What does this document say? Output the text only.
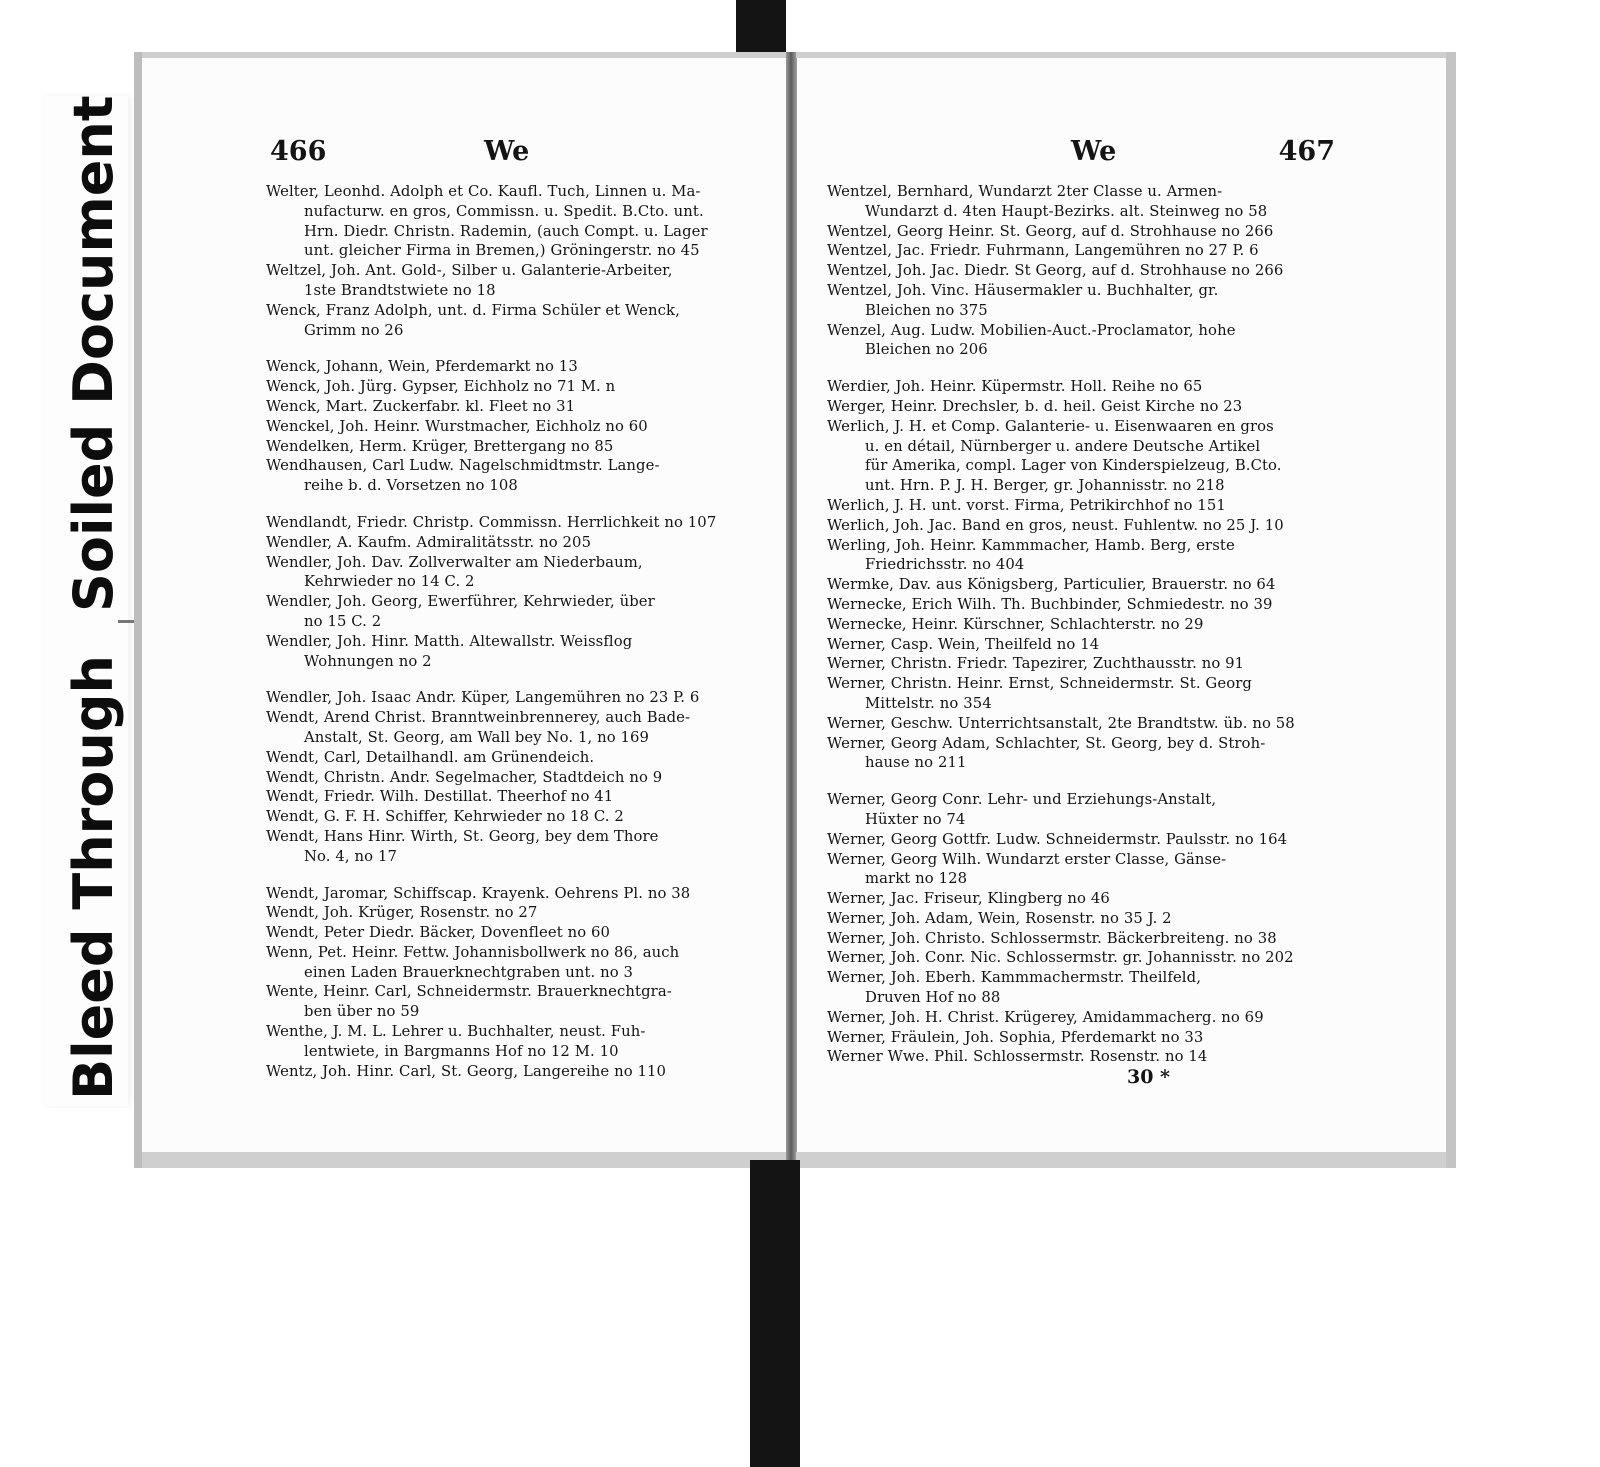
Soiled Document
Bleed Through
466	We
Welter, Leonhd. Adolph et Co. Kaufl. Tuch, Linnen u. Ma-
nufacturw. en gros, Commissn. u. Spedit. B.Cto. unt.
Hrn. Diedr. Christn. Rademin, (auch Compt. u. Lager
unt. gleicher Firma in Bremen,) Gröningerstr. no 45
Weltzel, Joh. Ant. Gold-, Silber u. Galanterie-Arbeiter,
1ste Brandtstwiete no 18
Wenck, Franz Adolph, unt. d. Firma Schüler et Wenck,
Grimm no 26
Wenck, Johann, Wein, Pferdemarkt no 13
Wenck, Joh. Jürg. Gypser, Eichholz no 71 M. n
Wenck, Mart. Zuckerfabr. kl. Fleet no 31
Wenckel, Joh. Heinr. Wurstmacher, Eichholz no 60
Wendelken, Herm. Krüger, Brettergang no 85
Wendhausen, Carl Ludw. Nagelschmidtmstr. Lange-
reihe b. d. Vorsetzen no 108
Wendlandt, Friedr. Christp. Commissn. Herrlichkeit no 107
Wendler, A. Kaufm. Admiralitätsstr. no 205
Wendler, Joh. Dav. Zollverwalter am Niederbaum,
Kehrwieder no 14 C. 2
Wendler, Joh. Georg, Ewerführer, Kehrwieder, über
no 15 C. 2
Wendler, Joh. Hinr. Matth. Altewallstr. Weissflog
Wohnungen no 2
Wendler, Joh. Isaac Andr. Küper, Langemühren no 23 P. 6
Wendt, Arend Christ. Branntweinbrennerey, auch Bade-
Anstalt, St. Georg, am Wall bey No. 1, no 169
Wendt, Carl, Detailhandl. am Grünendeich.
Wendt, Christn. Andr. Segelmacher, Stadtdeich no 9
Wendt, Friedr. Wilh. Destillat. Theerhof no 41
Wendt, G. F. H. Schiffer, Kehrwieder no 18 C. 2
Wendt, Hans Hinr. Wirth, St. Georg, bey dem Thore
No. 4, no 17
Wendt, Jaromar, Schiffscap. Krayenk. Oehrens Pl. no 38
Wendt, Joh. Krüger, Rosenstr. no 27
Wendt, Peter Diedr. Bäcker, Dovenfleet no 60
Wenn, Pet. Heinr. Fettw. Johannisbollwerk no 86, auch
einen Laden Brauerknechtgraben unt. no 3
Wente, Heinr. Carl, Schneidermstr. Brauerknechtgra-
ben über no 59
Wenthe, J. M. L. Lehrer u. Buchhalter, neust. Fuh-
lentwiete, in Bargmanns Hof no 12 M. 10
Wentz, Joh. Hinr. Carl, St. Georg, Langereihe no 110
We	467
Wentzel, Bernhard, Wundarzt 2ter Classe u. Armen-
Wundarzt d. 4ten Haupt-Bezirks. alt. Steinweg no 58
Wentzel, Georg Heinr. St. Georg, auf d. Strohhause no 266
Wentzel, Jac. Friedr. Fuhrmann, Langemühren no 27 P. 6
Wentzel, Joh. Jac. Diedr. St Georg, auf d. Strohhause no 266
Wentzel, Joh. Vinc. Häusermakler u. Buchhalter, gr.
Bleichen no 375
Wenzel, Aug. Ludw. Mobilien-Auct.-Proclamator, hohe
Bleichen no 206
Werdier, Joh. Heinr. Küpermstr. Holl. Reihe no 65
Werger, Heinr. Drechsler, b. d. heil. Geist Kirche no 23
Werlich, J. H. et Comp. Galanterie- u. Eisenwaaren en gros
u. en détail, Nürnberger u. andere Deutsche Artikel
für Amerika, compl. Lager von Kinderspielzeug, B.Cto.
unt. Hrn. P. J. H. Berger, gr. Johannisstr. no 218
Werlich, J. H. unt. vorst. Firma, Petrikirchhof no 151
Werlich, Joh. Jac. Band en gros, neust. Fuhlentw. no 25 J. 10
Werling, Joh. Heinr. Kammmacher, Hamb. Berg, erste
Friedrichsstr. no 404
Wermke, Dav. aus Königsberg, Particulier, Brauerstr. no 64
Wernecke, Erich Wilh. Th. Buchbinder, Schmiedestr. no 39
Wernecke, Heinr. Kürschner, Schlachterstr. no 29
Werner, Casp. Wein, Theilfeld no 14
Werner, Christn. Friedr. Tapezirer, Zuchthausstr. no 91
Werner, Christn. Heinr. Ernst, Schneidermstr. St. Georg
Mittelstr. no 354
Werner, Geschw. Unterrichtsanstalt, 2te Brandtstw. üb. no 58
Werner, Georg Adam, Schlachter, St. Georg, bey d. Stroh-
hause no 211
Werner, Georg Conr. Lehr- und Erziehungs-Anstalt,
Hüxter no 74
Werner, Georg Gottfr. Ludw. Schneidermstr. Paulsstr. no 164
Werner, Georg Wilh. Wundarzt erster Classe, Gänse-
markt no 128
Werner, Jac. Friseur, Klingberg no 46
Werner, Joh. Adam, Wein, Rosenstr. no 35 J. 2
Werner, Joh. Christo. Schlossermstr. Bäckerbreiteng. no 38
Werner, Joh. Conr. Nic. Schlossermstr. gr. Johannisstr. no 202
Werner, Joh. Eberh. Kammmachermstr. Theilfeld,
Druven Hof no 88
Werner, Joh. H. Christ. Krügerey, Amidammacherg. no 69
Werner, Fräulein, Joh. Sophia, Pferdemarkt no 33
Werner Wwe. Phil. Schlossermstr. Rosenstr. no 14
30 *
